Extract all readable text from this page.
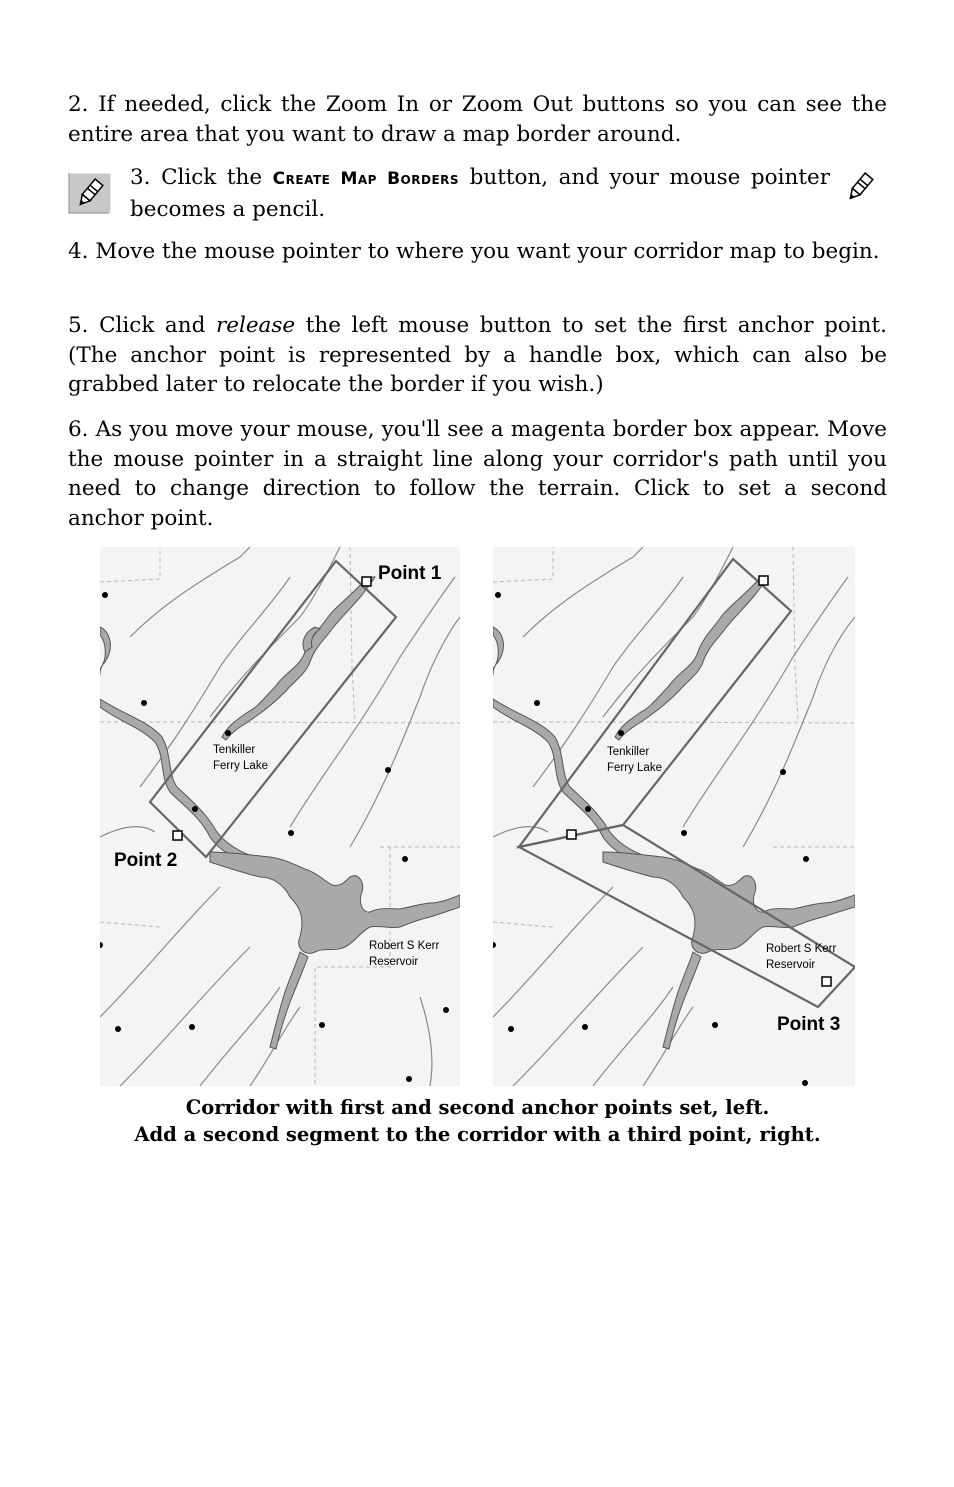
2. If needed, click the Zoom In or Zoom Out buttons so you can see the entire area that you want to draw a map border around.

3. Click the Create Map Borders button, and your mouse pointer becomes a pencil.

4. Move the mouse pointer to where you want your corridor map to begin.

5. Click and release the left mouse button to set the first anchor point. (The anchor point is represented by a handle box, which can also be grabbed later to relocate the border if you wish.)

6. As you move your mouse, you'll see a magenta border box appear. Move the mouse pointer in a straight line along your corridor's path until you need to change direction to follow the terrain. Click to set a second anchor point.

Tenkiller
Ferry Lake
Robert S Kerr
Reservoir
Point 1
Point 2
Tenkiller
Ferry Lake
Robert S Kerr
Reservoir
Point 3
Corridor with first and second anchor points set, left.
Add a second segment to the corridor with a third point, right.
